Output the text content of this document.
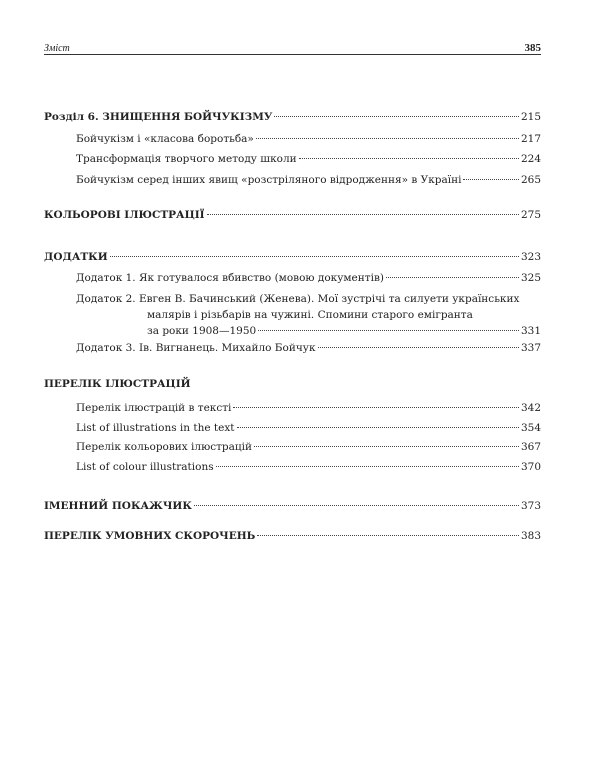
Зміст	385
Розділ 6. ЗНИЩЕННЯ БОЙЧУКІЗМУ	215
Бойчукізм і «класова боротьба»	217
Трансформація творчого методу школи	224
Бойчукізм серед інших явищ «розстріляного відродження» в Україні	265
КОЛЬОРОВІ ІЛЮСТРАЦІЇ	275
ДОДАТКИ	323
Додаток 1. Як готувалося вбивство (мовою документів)	325
Додаток 2. Евген В. Бачинський (Женева). Мої зустрічі та силуети українських
малярів і різьбарів на чужині. Спомини старого емігранта
за роки 1908—1950	331
Додаток 3. Ів. Вигнанець. Михайло Бойчук	337
ПЕРЕЛІК ІЛЮСТРАЦІЙ
Перелік ілюстрацій в тексті	342
List of illustrations in the text	354
Перелік кольорових ілюстрацій	367
List of colour illustrations	370
ІМЕННИЙ ПОКАЖЧИК	373
ПЕРЕЛІК УМОВНИХ СКОРОЧЕНЬ	383
